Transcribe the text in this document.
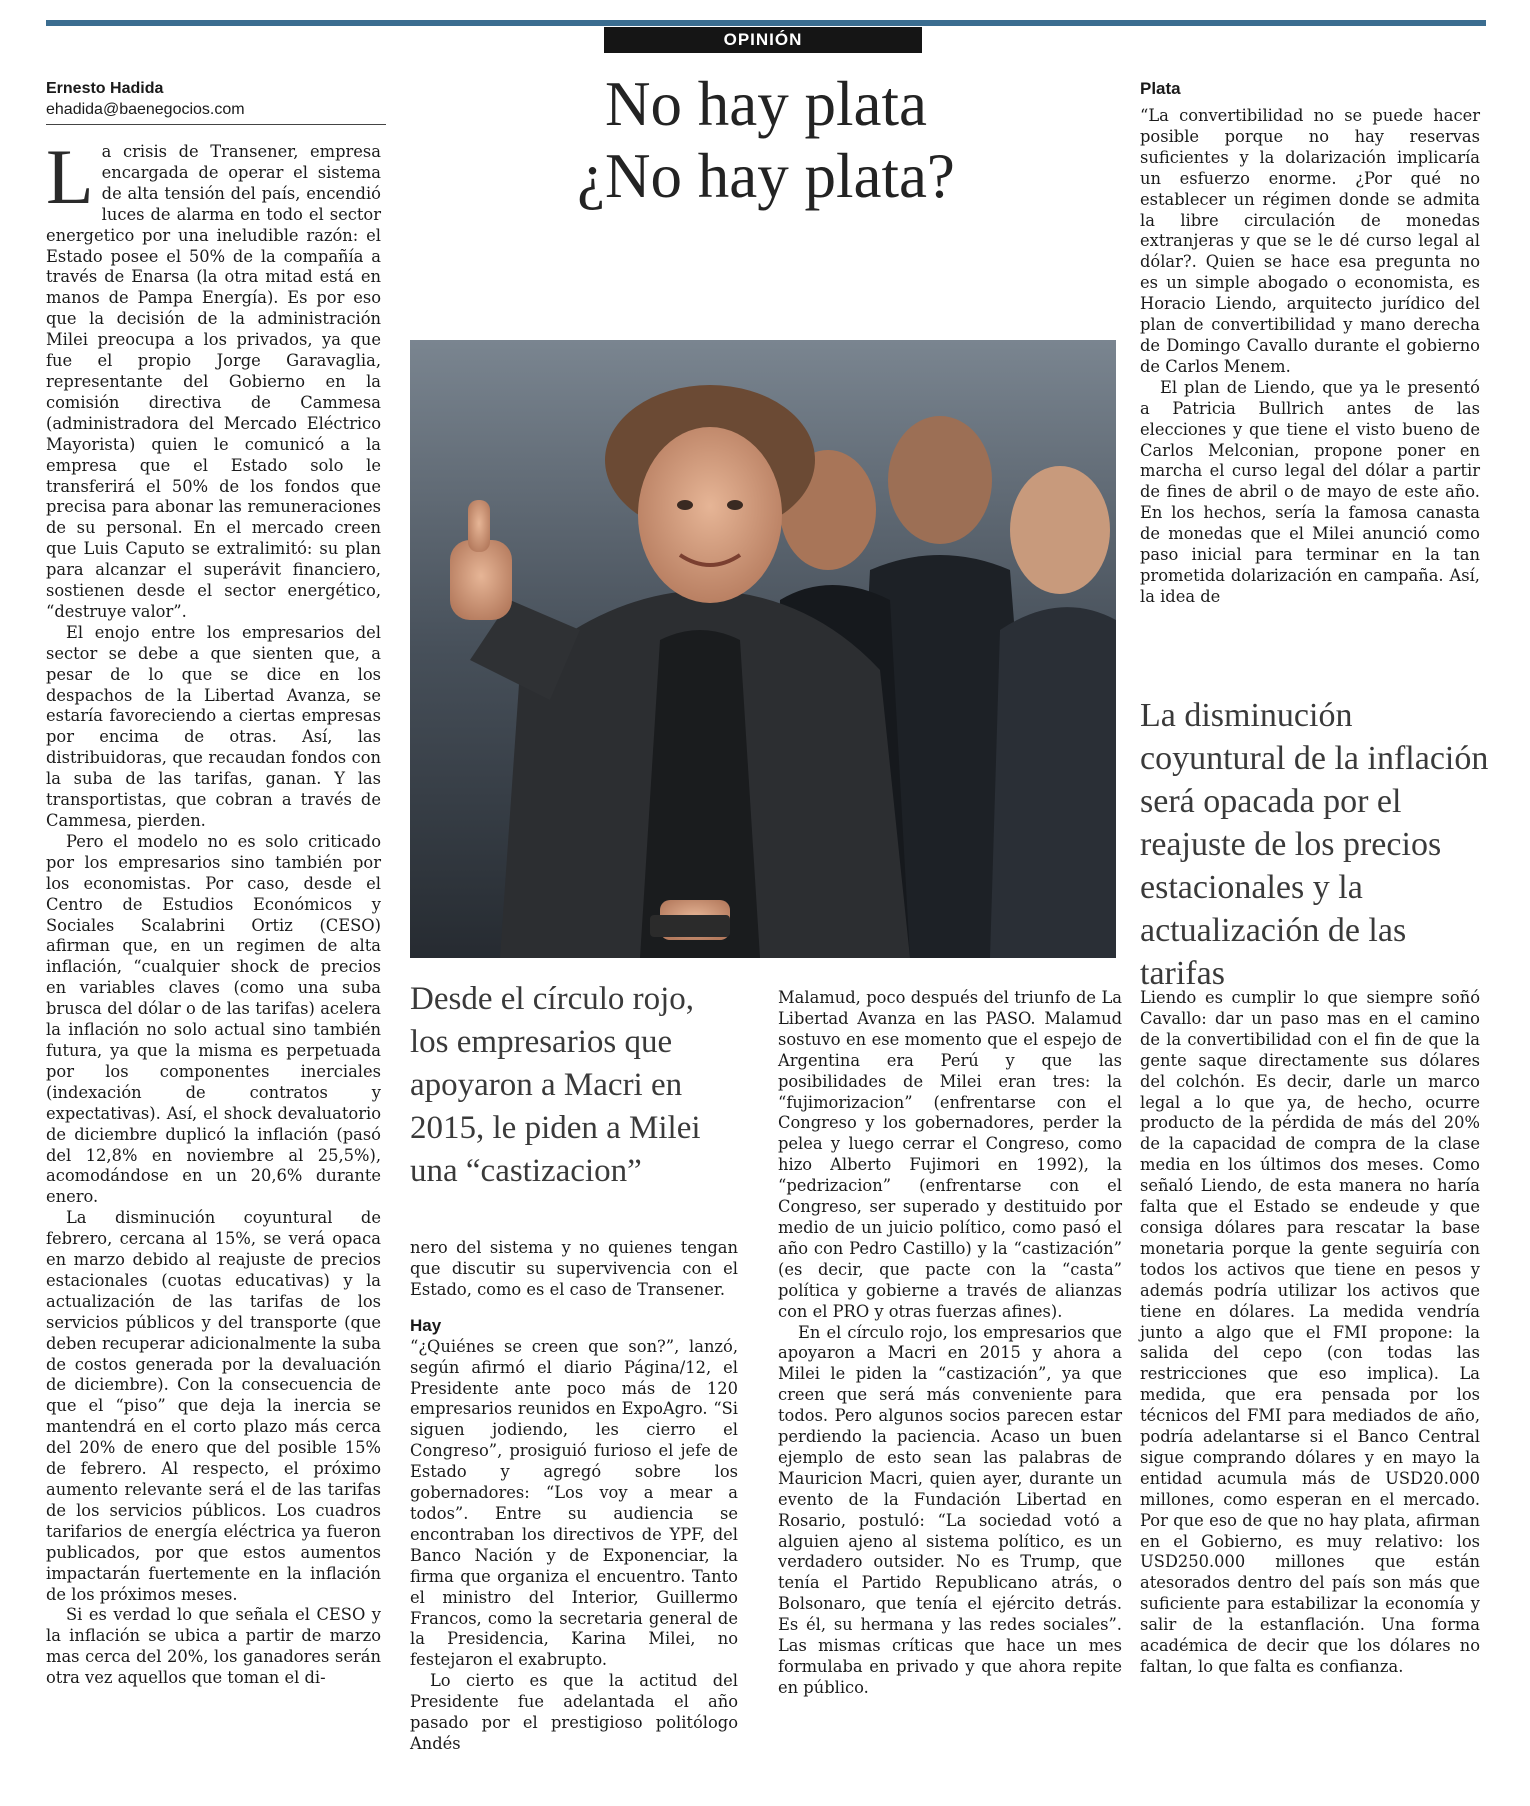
OPINIÓN
Ernesto Hadida
ehadida@baenegocios.com	No hay plata
¿No hay plata?

La crisis de Transener, empresa encargada de operar el sistema de alta tensión del país, encendió luces de alarma en todo el sector energetico por una ineludible razón: el Estado posee el 50% de la compañía a través de Enarsa (la otra mitad está en manos de Pampa Energía). Es por eso que la decisión de la administración Milei preocupa a los privados, ya que fue el propio Jorge Garavaglia, representante del Gobierno en la comisión directiva de Cammesa (administradora del Mercado Eléctrico Mayorista) quien le comunicó a la empresa que el Estado solo le transferirá el 50% de los fondos que precisa para abonar las remuneraciones de su personal. En el mercado creen que Luis Caputo se extralimitó: su plan para alcanzar el superávit financiero, sostienen desde el sector energético, “destruye valor”.

El enojo entre los empresarios del sector se debe a que sienten que, a pesar de lo que se dice en los despachos de la Libertad Avanza, se estaría favoreciendo a ciertas empresas por encima de otras. Así, las distribuidoras, que recaudan fondos con la suba de las tarifas, ganan. Y las transportistas, que cobran a través de Cammesa, pierden.

Pero el modelo no es solo criticado por los empresarios sino también por los economistas. Por caso, desde el Centro de Estudios Económicos y Sociales Scalabrini Ortiz (CESO) afirman que, en un regimen de alta inflación, “cualquier shock de precios en variables claves (como una suba brusca del dólar o de las tarifas) acelera la inflación no solo actual sino también futura, ya que la misma es perpetuada por los componentes inerciales (indexación de contratos y expectativas). Así, el shock devaluatorio de diciembre duplicó la inflación (pasó del 12,8% en noviembre al 25,5%), acomodándose en un 20,6% durante enero.

La disminución coyuntural de febrero, cercana al 15%, se verá opaca en marzo debido al reajuste de precios estacionales (cuotas educativas) y la actualización de las tarifas de los servicios públicos y del transporte (que deben recuperar adicionalmente la suba de costos generada por la devaluación de diciembre). Con la consecuencia de que el “piso” que deja la inercia se mantendrá en el corto plazo más cerca del 20% de enero que del posible 15% de febrero. Al respecto, el próximo aumento relevante será el de las tarifas de los servicios públicos. Los cuadros tarifarios de energía eléctrica ya fueron publicados, por que estos aumentos impactarán fuertemente en la inflación de los próximos meses.

Si es verdad lo que señala el CESO y la inflación se ubica a partir de marzo mas cerca del 20%, los ganadores serán otra vez aquellos que toman el di-

Desde el círculo rojo, los empresarios que apoyaron a Macri en 2015, le piden a Milei una “castizacion”

nero del sistema y no quienes tengan que discutir su supervivencia con el Estado, como es el caso de Transener.

Hay

“¿Quiénes se creen que son?”, lanzó, según afirmó el diario Página/12, el Presidente ante poco más de 120 empresarios reunidos en ExpoAgro. “Si siguen jodiendo, les cierro el Congreso”, prosiguió furioso el jefe de Estado y agregó sobre los gobernadores: “Los voy a mear a todos”. Entre su audiencia se encontraban los directivos de YPF, del Banco Nación y de Exponenciar, la firma que organiza el encuentro. Tanto el ministro del Interior, Guillermo Francos, como la secretaria general de la Presidencia, Karina Milei, no festejaron el exabrupto.

Lo cierto es que la actitud del Presidente fue adelantada el año pasado por el prestigioso politólogo Andés

Malamud, poco después del triunfo de La Libertad Avanza en las PASO. Malamud sostuvo en ese momento que el espejo de Argentina era Perú y que las posibilidades de Milei eran tres: la “fujimorizacion” (enfrentarse con el Congreso y los gobernadores, perder la pelea y luego cerrar el Congreso, como hizo Alberto Fujimori en 1992), la “pedrizacion” (enfrentarse con el Congreso, ser superado y destituido por medio de un juicio político, como pasó el año con Pedro Castillo) y la “castización” (es decir, que pacte con la “casta” política y gobierne a través de alianzas con el PRO y otras fuerzas afines).

En el círculo rojo, los empresarios que apoyaron a Macri en 2015 y ahora a Milei le piden la “castización”, ya que creen que será más conveniente para todos. Pero algunos socios parecen estar perdiendo la paciencia. Acaso un buen ejemplo de esto sean las palabras de Mauricion Macri, quien ayer, durante un evento de la Fundación Libertad en Rosario, postuló: “La sociedad votó a alguien ajeno al sistema político, es un verdadero outsider. No es Trump, que tenía el Partido Republicano atrás, o Bolsonaro, que tenía el ejército detrás. Es él, su hermana y las redes sociales”. Las mismas críticas que hace un mes formulaba en privado y que ahora repite en público.

Plata

“La convertibilidad no se puede hacer posible porque no hay reservas suficientes y la dolarización implicaría un esfuerzo enorme. ¿Por qué no establecer un régimen donde se admita la libre circulación de monedas extranjeras y que se le dé curso legal al dólar?. Quien se hace esa pregunta no es un simple abogado o economista, es Horacio Liendo, arquitecto jurídico del plan de convertibilidad y mano derecha de Domingo Cavallo durante el gobierno de Carlos Menem.

El plan de Liendo, que ya le presentó a Patricia Bullrich antes de las elecciones y que tiene el visto bueno de Carlos Melconian, propone poner en marcha el curso legal del dólar a partir de fines de abril o de mayo de este año. En los hechos, sería la famosa canasta de monedas que el Milei anunció como paso inicial para terminar en la tan prometida dolarización en campaña. Así, la idea de

La disminución coyuntural de la inflación será opacada por el reajuste de los precios estacionales y la actualización de las tarifas

Liendo es cumplir lo que siempre soñó Cavallo: dar un paso mas en el camino de la convertibilidad con el fin de que la gente saque directamente sus dólares del colchón. Es decir, darle un marco legal a lo que ya, de hecho, ocurre producto de la pérdida de más del 20% de la capacidad de compra de la clase media en los últimos dos meses. Como señaló Liendo, de esta manera no haría falta que el Estado se endeude y que consiga dólares para rescatar la base monetaria porque la gente seguiría con todos los activos que tiene en pesos y además podría utilizar los activos que tiene en dólares. La medida vendría junto a algo que el FMI propone: la salida del cepo (con todas las restricciones que eso implica). La medida, que era pensada por los técnicos del FMI para mediados de año, podría adelantarse si el Banco Central sigue comprando dólares y en mayo la entidad acumula más de USD20.000 millones, como esperan en el mercado. Por que eso de que no hay plata, afirman en el Gobierno, es muy relativo: los USD250.000 millones que están atesorados dentro del país son más que suficiente para estabilizar la economía y salir de la estanflación. Una forma académica de decir que los dólares no faltan, lo que falta es confianza.
